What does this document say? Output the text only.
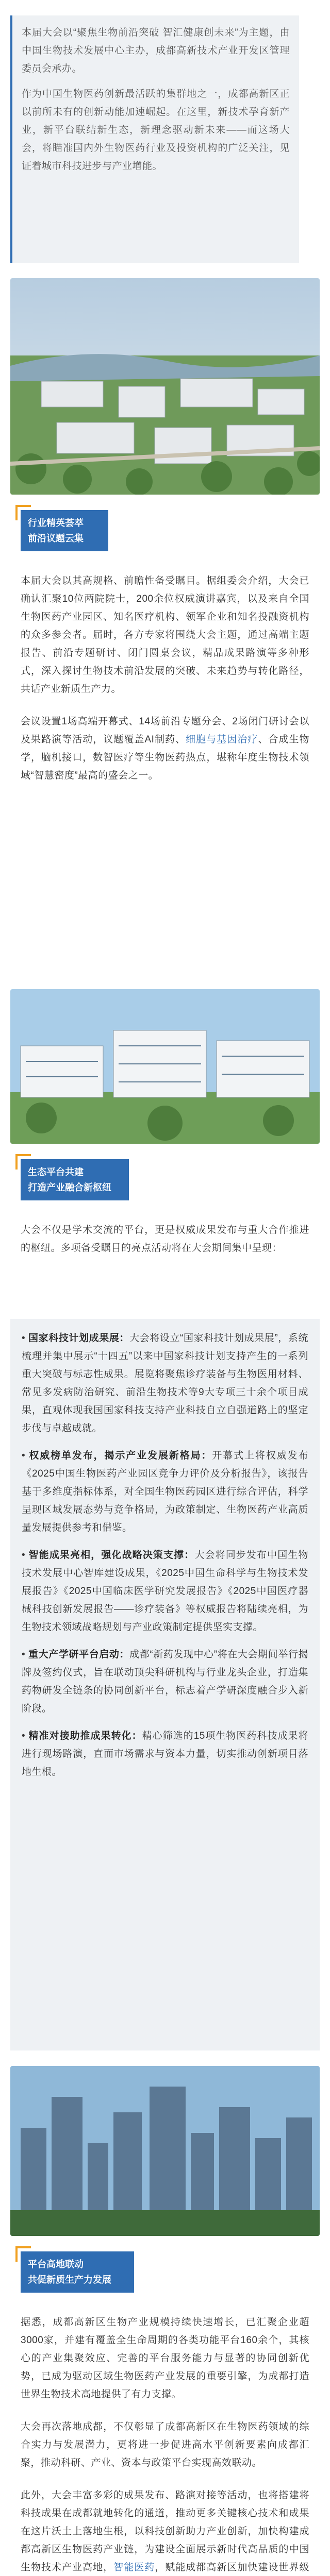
本届大会以“聚焦生物前沿突破 智汇健康创未来”为主题，由中国生物技术发展中心主办，成都高新技术产业开发区管理委员会承办。

作为中国生物医药创新最活跃的集群地之一，成都高新区正以前所未有的创新动能加速崛起。在这里，新技术孕育新产业，新平台联结新生态，新理念驱动新未来——而这场大会，将瞄准国内外生物医药行业及投资机构的广泛关注，见证着城市科技进步与产业增能。

行业精英荟萃
前沿议题云集

本届大会以其高规格、前瞻性备受瞩目。据组委会介绍，大会已确认汇聚10位两院院士，200余位权威演讲嘉宾，以及来自全国生物医药产业园区、知名医疗机构、领军企业和知名投融资机构的众多参会者。届时，各方专家将围绕大会主题，通过高端主题报告、前沿专题研讨、闭门圆桌会议，精品成果路演等多种形式，深入探讨生物技术前沿发展的突破、未来趋势与转化路径，共话产业新质生产力。

会议设置1场高端开幕式、14场前沿专题分会、2场闭门研讨会以及果路演等活动，议题覆盖AI制药、细胞与基因治疗、合成生物学，脑机接口，数智医疗等生物医药热点，堪称年度生物技术领域“智慧密度”最高的盛会之一。

生态平台共建
打造产业融合新枢纽

大会不仅是学术交流的平台，更是权威成果发布与重大合作推进的枢纽。多项备受瞩目的亮点活动将在大会期间集中呈现：

• 国家科技计划成果展：大会将设立“国家科技计划成果展”，系统梳理并集中展示“十四五”以来中国家科技计划支持产生的一系列重大突破与标志性成果。展览将聚焦诊疗装备与生物医用材料、常见多发病防治研究、前沿生物技术等9大专项三十余个项目成果，直观体现我国国家科技支持产业科技自立自强道路上的坚定步伐与卓越成就。

• 权威榜单发布，揭示产业发展新格局：开幕式上将权威发布《2025中国生物医药产业园区竞争力评价及分析报告》，该报告基于多维度指标体系，对全国生物医药园区进行综合评估，科学呈现区域发展态势与竞争格局，为政策制定、生物医药产业高质量发展提供参考和借鉴。

• 智能成果亮相，强化战略决策支撑：大会将同步发布中国生物技术发展中心智库建设成果，《2025中国生命科学与生物技术发展报告》《2025中国临床医学研究发展报告》《2025中国医疗器械科技创新发展报告——诊疗装备》等权威报告将陆续亮相，为生物技术领域战略规划与产业政策制定提供坚实支撑。

• 重大产学研平台启动：成都“新药发现中心”将在大会期间举行揭牌及签约仪式，旨在联动顶尖科研机构与行业龙头企业，打造集药物研发全链条的协同创新平台，标志着产学研深度融合步入新阶段。

• 精准对接助推成果转化：精心筛选的15项生物医药科技成果将进行现场路演，直面市场需求与资本力量，切实推动创新项目落地生根。

平台高地联动
共促新质生产力发展

据悉，成都高新区生物产业规模持续快速增长，已汇聚企业超3000家，并建有覆盖全生命周期的各类功能平台160余个，其核心的产业集聚效应、完善的平台服务能力与显著的协同创新优势，已成为驱动区域生物医药产业发展的重要引擎，为成都打造世界生物技术高地提供了有力支撑。

大会再次落地成都，不仅彰显了成都高新区在生物医药领域的综合实力与发展潜力，更将进一步促进高水平创新要素向成都汇聚，推动科研、产业、资本与政策平台实现高效联动。

此外，大会丰富多彩的成果发布、路演对接等活动，也将搭建将科技成果在成都就地转化的通道，推动更多关键核心技术和成果在这片沃土上落地生根，以科技创新助力产业创新，加快构建成都高新区生物医药产业链，为建设全面展示新时代高品质的中国生物技术产业高地，智能医药，赋能成都高新区加快建设世界级
